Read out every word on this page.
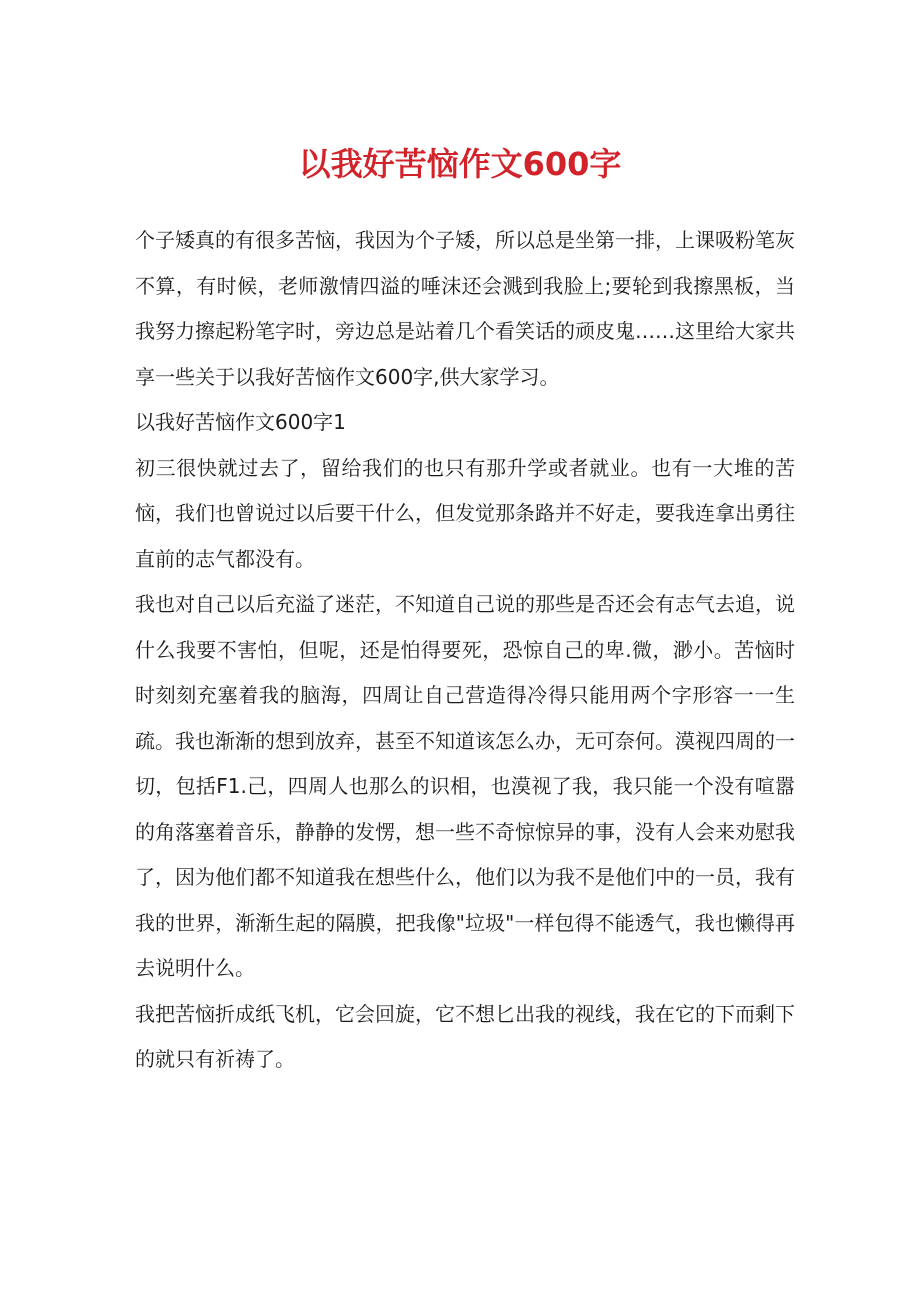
以我好苦恼作文600字

个子矮真的有很多苦恼，我因为个子矮，所以总是坐第一排，上课吸粉笔灰不算，有时候，老师激情四溢的唾沫还会溅到我脸上;要轮到我擦黑板，当我努力擦起粉笔字时，旁边总是站着几个看笑话的顽皮鬼……这里给大家共享一些关于以我好苦恼作文600字,供大家学习。

以我好苦恼作文600字1

初三很快就过去了，留给我们的也只有那升学或者就业。也有一大堆的苦恼，我们也曾说过以后要干什么，但发觉那条路并不好走，要我连拿出勇往直前的志气都没有。

我也对自己以后充溢了迷茫，不知道自己说的那些是否还会有志气去追，说什么我要不害怕，但呢，还是怕得要死，恐惊自己的卑.微，渺小。苦恼时时刻刻充塞着我的脑海，四周让自己营造得冷得只能用两个字形容一一生疏。我也渐渐的想到放弃，甚至不知道该怎么办，无可奈何。漠视四周的一切，包括F1.己，四周人也那么的识相，也漠视了我，我只能一个没有喧嚣的角落塞着音乐，静静的发愣，想一些不奇惊惊异的事，没有人会来劝慰我了，因为他们都不知道我在想些什么，他们以为我不是他们中的一员，我有我的世界，渐渐生起的隔膜，把我像"垃圾"一样包得不能透气，我也懒得再去说明什么。

我把苦恼折成纸飞机，它会回旋，它不想匕出我的视线，我在它的下而剩下的就只有祈祷了。
